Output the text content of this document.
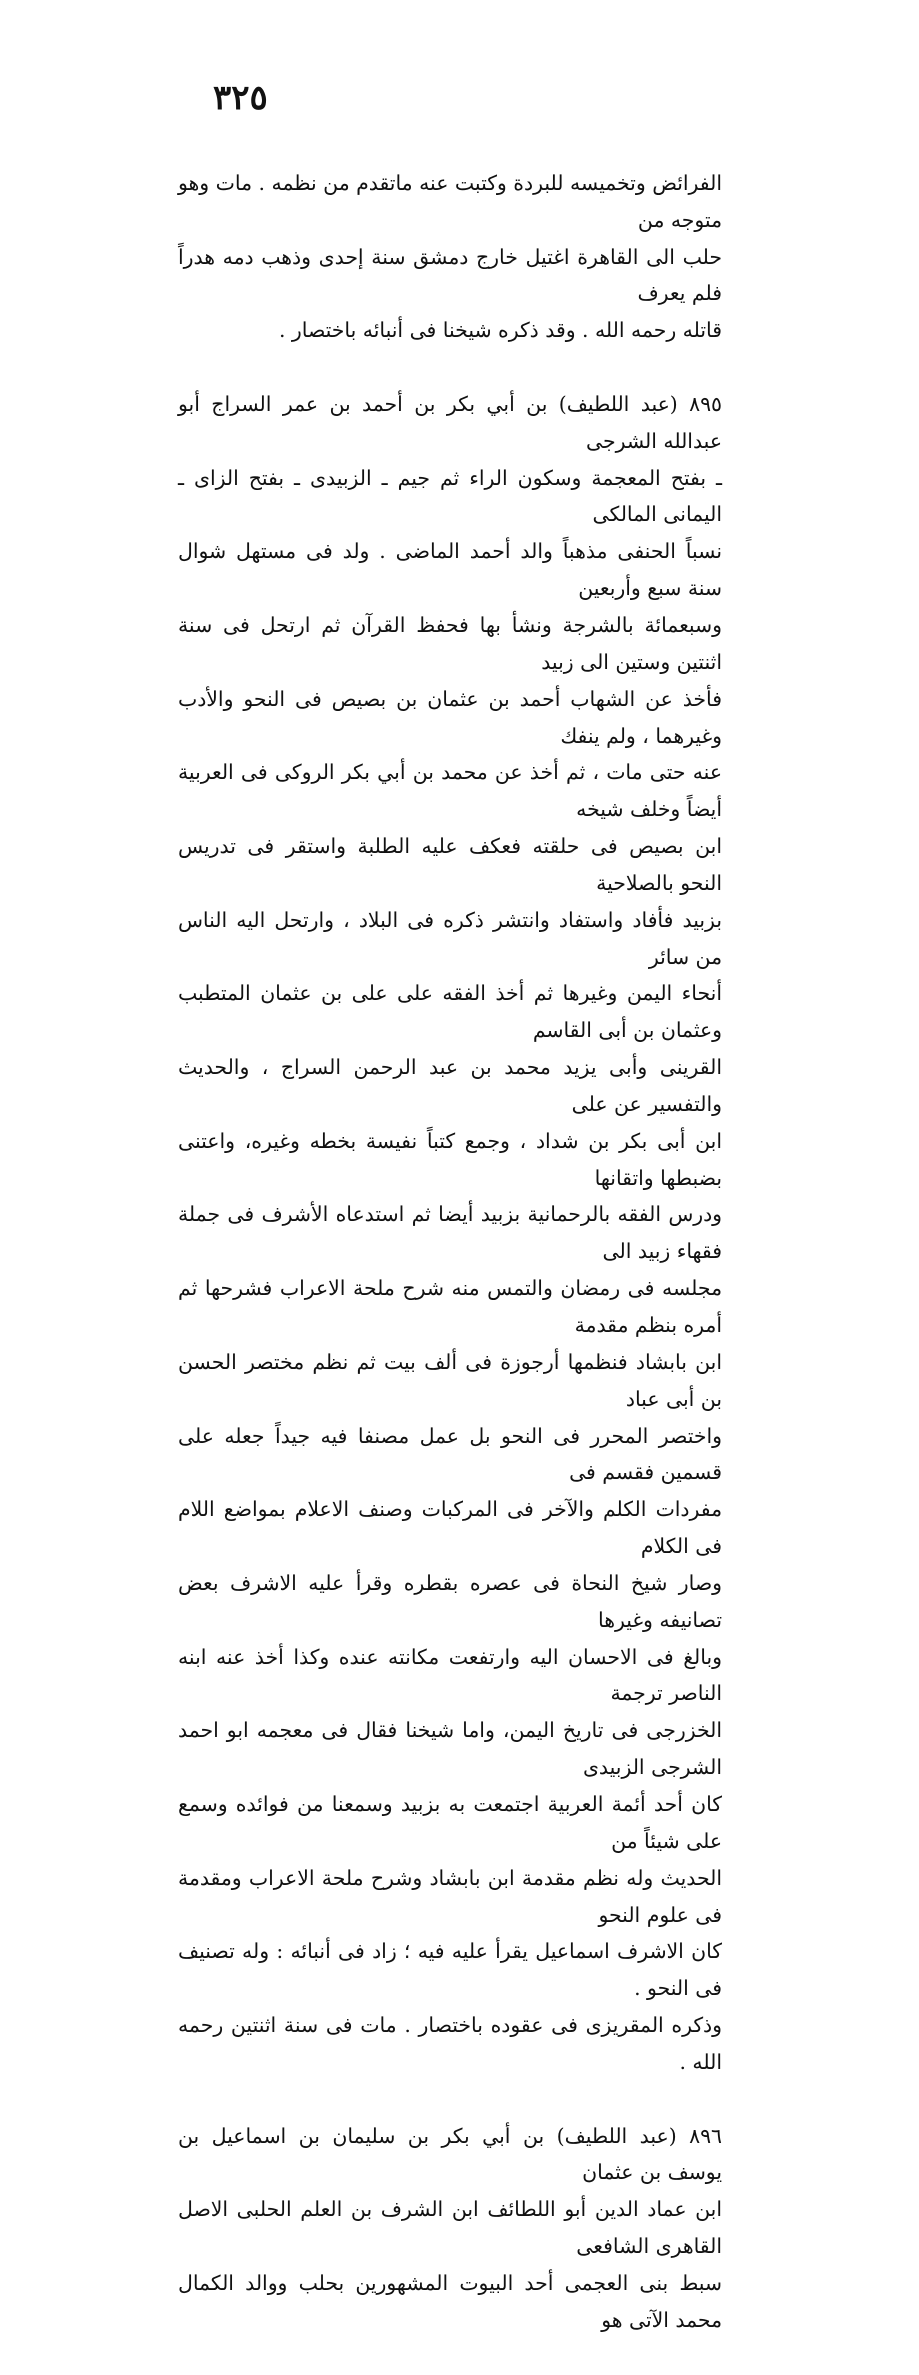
٣٢٥

الفرائض وتخميسه للبردة وكتبت عنه ماتقدم من نظمه . مات وهو متوجه من
حلب الى القاهرة اغتيل خارج دمشق سنة إحدى وذهب دمه هدراً فلم يعرف
قاتله رحمه الله . وقد ذكره شيخنا فى أنبائه باختصار .

٨٩٥ (عبد اللطيف) بن أبي بكر بن أحمد بن عمر السراج أبو عبدالله الشرجى
ـ بفتح المعجمة وسكون الراء ثم جيم ـ الزبيدى ـ بفتح الزاى ـ اليمانى المالكى
نسباً الحنفى مذهباً والد أحمد الماضى . ولد فى مستهل شوال سنة سبع وأربعين
وسبعمائة بالشرجة ونشأ بها فحفظ القرآن ثم ارتحل فى سنة اثنتين وستين الى زبيد
فأخذ عن الشهاب أحمد بن عثمان بن بصيص فى النحو والأدب وغيرهما ، ولم ينفك
عنه حتى مات ، ثم أخذ عن محمد بن أبي بكر الروكى فى العربية أيضاً وخلف شيخه
ابن بصيص فى حلقته فعكف عليه الطلبة واستقر فى تدريس النحو بالصلاحية
بزبيد فأفاد واستفاد وانتشر ذكره فى البلاد ، وارتحل اليه الناس من سائر
أنحاء اليمن وغيرها ثم أخذ الفقه على على بن عثمان المتطبب وعثمان بن أبى القاسم
القرينى وأبى يزيد محمد بن عبد الرحمن السراج ، والحديث والتفسير عن على
ابن أبى بكر بن شداد ، وجمع كتباً نفيسة بخطه وغيره، واعتنى بضبطها واتقانها
ودرس الفقه بالرحمانية بزبيد أيضا ثم استدعاه الأشرف فى جملة فقهاء زبيد الى
مجلسه فى رمضان والتمس منه شرح ملحة الاعراب فشرحها ثم أمره بنظم مقدمة
ابن بابشاد فنظمها أرجوزة فى ألف بيت ثم نظم مختصر الحسن بن أبى عباد
واختصر المحرر فى النحو بل عمل مصنفا فيه جيداً جعله على قسمين فقسم فى
مفردات الكلم والآخر فى المركبات وصنف الاعلام بمواضع اللام فى الكلام
وصار شيخ النحاة فى عصره بقطره وقرأ عليه الاشرف بعض تصانيفه وغيرها
وبالغ فى الاحسان اليه وارتفعت مكانته عنده وكذا أخذ عنه ابنه الناصر ترجمة
الخزرجى فى تاريخ اليمن، واما شيخنا فقال فى معجمه ابو احمد الشرجى الزبيدى
كان أحد أئمة العربية اجتمعت به بزبيد وسمعنا من فوائده وسمع على شيئاً من
الحديث وله نظم مقدمة ابن بابشاد وشرح ملحة الاعراب ومقدمة فى علوم النحو
كان الاشرف اسماعيل يقرأ عليه فيه ؛ زاد فى أنبائه : وله تصنيف فى النحو .
وذكره المقريزى فى عقوده باختصار . مات فى سنة اثنتين رحمه الله .

٨٩٦ (عبد اللطيف) بن أبي بكر بن سليمان بن اسماعيل بن يوسف بن عثمان
ابن عماد الدين أبو اللطائف ابن الشرف بن العلم الحلبى الاصل القاهرى الشافعى
سبط بنى العجمى أحد البيوت المشهورين بحلب ووالد الكمال محمد الآتى هو
